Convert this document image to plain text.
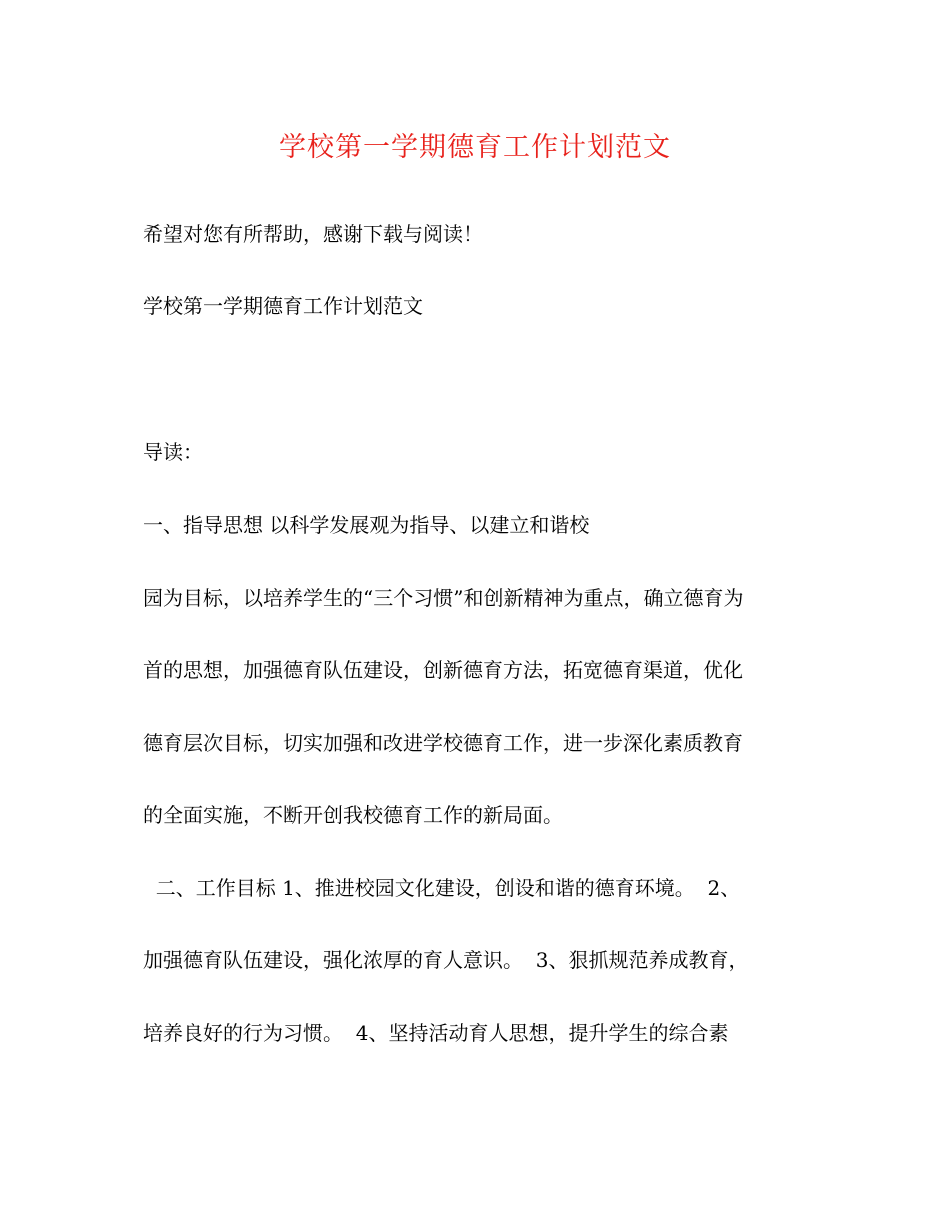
学校第一学期德育工作计划范文
希望对您有所帮助，感谢下载与阅读！
学校第一学期德育工作计划范文
导读：
一、指导思想 以科学发展观为指导、以建立和谐校
园为目标，以培养学生的“三个习惯”和创新精神为重点，确立德育为
首的思想，加强德育队伍建设，创新德育方法，拓宽德育渠道，优化
德育层次目标，切实加强和改进学校德育工作，进一步深化素质教育
的全面实施，不断开创我校德育工作的新局面。
二、工作目标 1、推进校园文化建设，创设和谐的德育环境。  2、
加强德育队伍建设，强化浓厚的育人意识。  3、狠抓规范养成教育，
培养良好的行为习惯。  4、坚持活动育人思想，提升学生的综合素
